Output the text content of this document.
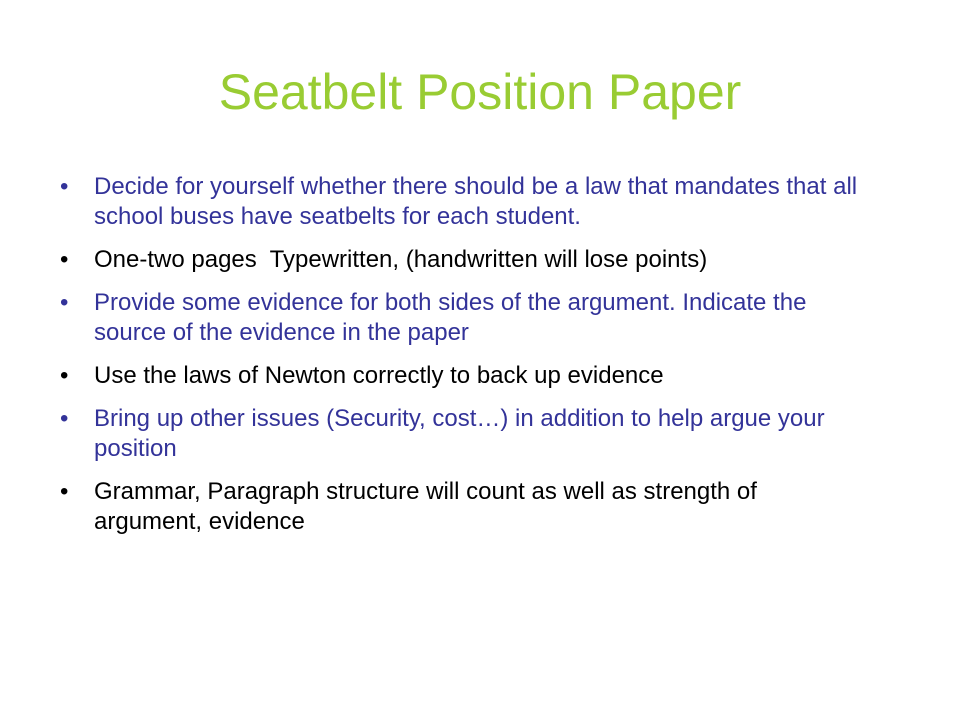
Seatbelt Position Paper
• Decide for yourself whether there should be a law that mandates that all school buses have seatbelts for each student.
• One-two pages  Typewritten, (handwritten will lose points)
• Provide some evidence for both sides of the argument. Indicate the source of the evidence in the paper
• Use the laws of Newton correctly to back up evidence
• Bring up other issues (Security, cost…) in addition to help argue your position
• Grammar, Paragraph structure will count as well as strength of argument, evidence
